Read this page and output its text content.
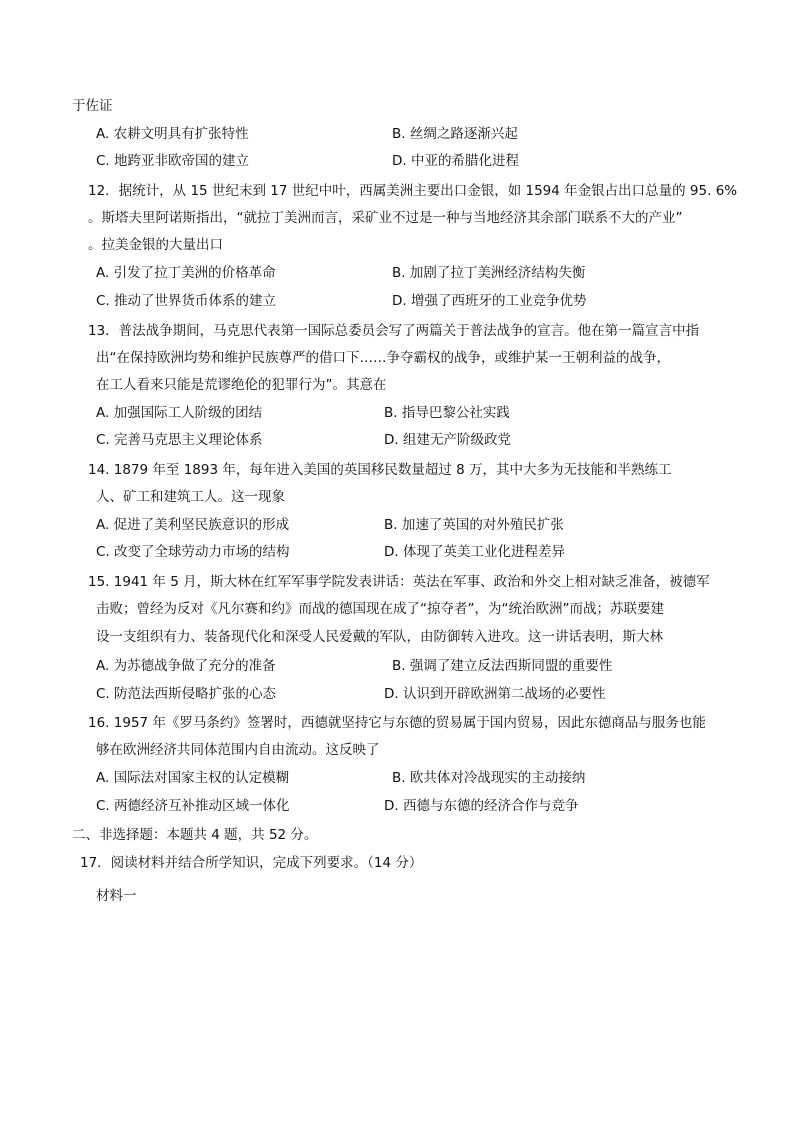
于佐证
A. 农耕文明具有扩张特性	B. 丝绸之路逐渐兴起
C. 地跨亚非欧帝国的建立	D. 中亚的希腊化进程
12．据统计，从 15 世纪末到 17 世纪中叶，西属美洲主要出口金银，如 1594 年金银占出口总量的 95. 6%
。斯塔夫里阿诺斯指出，“就拉丁美洲而言，采矿业不过是一种与当地经济其余部门联系不大的产业”
。拉美金银的大量出口
A. 引发了拉丁美洲的价格革命	B. 加剧了拉丁美洲经济结构失衡
C. 推动了世界货币体系的建立	D. 增强了西班牙的工业竞争优势
13．普法战争期间，马克思代表第一国际总委员会写了两篇关于普法战争的宣言。他在第一篇宣言中指
出“在保持欧洲均势和维护民族尊严的借口下……争夺霸权的战争，或维护某一王朝利益的战争，
在工人看来只能是荒谬绝伦的犯罪行为”。其意在
A. 加强国际工人阶级的团结	B. 指导巴黎公社实践
C. 完善马克思主义理论体系	D. 组建无产阶级政党
14. 1879 年至 1893 年，每年进入美国的英国移民数量超过 8 万，其中大多为无技能和半熟练工
人、矿工和建筑工人。这一现象
A. 促进了美利坚民族意识的形成	B. 加速了英国的对外殖民扩张
C. 改变了全球劳动力市场的结构	D. 体现了英美工业化进程差异
15. 1941 年 5 月，斯大林在红军军事学院发表讲话：英法在军事、政治和外交上相对缺乏准备，被德军
击败；曾经为反对《凡尔赛和约》而战的德国现在成了“掠夺者”，为“统治欧洲”而战；苏联要建
设一支组织有力、装备现代化和深受人民爱戴的军队，由防御转入进攻。这一讲话表明，斯大林
A. 为苏德战争做了充分的准备	B. 强调了建立反法西斯同盟的重要性
C. 防范法西斯侵略扩张的心态	D. 认识到开辟欧洲第二战场的必要性
16. 1957 年《罗马条约》签署时，西德就坚持它与东德的贸易属于国内贸易，因此东德商品与服务也能
够在欧洲经济共同体范围内自由流动。这反映了
A. 国际法对国家主权的认定模糊	B. 欧共体对冷战现实的主动接纳
C. 两德经济互补推动区域一体化	D. 西德与东德的经济合作与竞争
二、非选择题：本题共 4 题，共 52 分。
17．阅读材料并结合所学知识，完成下列要求。（14 分）
材料一
